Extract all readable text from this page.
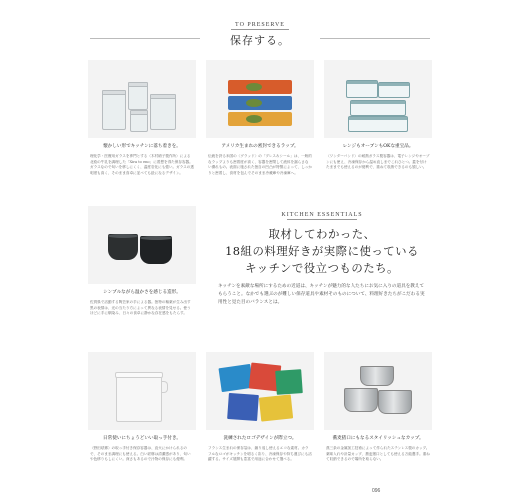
TO PRESERVE
保存する。
懐かしい形でキッチンに落ち着きを。
理化学・医療用ガラスを専門とする〈木村硝子製作所〉による北欧の牛乳を調理した「Xira to eno」に着想を得た保存容器。ガラスなので匂いを移しにくく、温度変化にも強い。ガラスの透明度も高く、そのまま食卓に並べても絵になるデザイン。
アメリカ生まれの密封できるラップ。
伝統を誇る米国の〈グラッド〉の「プレス＆シール」は、一般的なラップよりも密着度が高く、容器を密閉して液体を漏らさない優れもの。表面に施された独自の凹凸が特徴によって、しっかりと密着し、食材を包んでそのまま冷蔵庫や冷凍庫へ。
レンジもオーブンもOKな重宝品。
〈ワンダーバンド〉の耐熱ガラス製容器は、電子レンジやオーブンにも使え、冷凍保存から温め直しまでこれひとつ。蓋を付けたままでも使えるのが便利で、重ねて収納できるのも嬉しい。
シンプルながら温かさを感じる造形。
佐賀県で活動する陶芸家の手による器。独特の釉薬が生み出す黒の表情は、光の当たり方によって異なる表情を見せる。使うほどに手に馴染み、日々の食卓に静かな存在感をもたらす。
KITCHEN ESSENTIALS
取材してわかった、
18組の料理好きが実際に使っている
キッチンで役立つものたち。
キッチンを素敵な場所にするための近道は、キッチンが魅力的な人たちにお気に入りの道具を教えてもらうこと。なかでも選ぶのが難しい保存道具や素材そのものについて、料理好きたちがこだわる実用性と見た目のバランスとは。
日常使いにちょうどいい取っ手付き。
〈野田琺瑯〉の取っ手付き保存容器は、直火にかけられるので、そのまま調理にも使える。白い琺瑯は清潔感があり、匂いや色移りもしにくい。深さもあるので汁物の保存にも便利。
洗練されたロゴデザインが際立つ。
フランス生まれの保存袋は、繰り返し使えるエコな素材。カラフルなロゴがキッチンを明るく彩り、冷凍保存や持ち運びにも活躍する。サイズ展開も豊富で用途に合わせて選べる。
蕎麦猪口にもなるスタイリッシュなカップ。
燕三条の金属加工技術によって作られたステンレス製のカップ。薬味入れや計量カップ、蕎麦猪口としても使える万能選手。重ねて収納できるので場所を取らない。
096
